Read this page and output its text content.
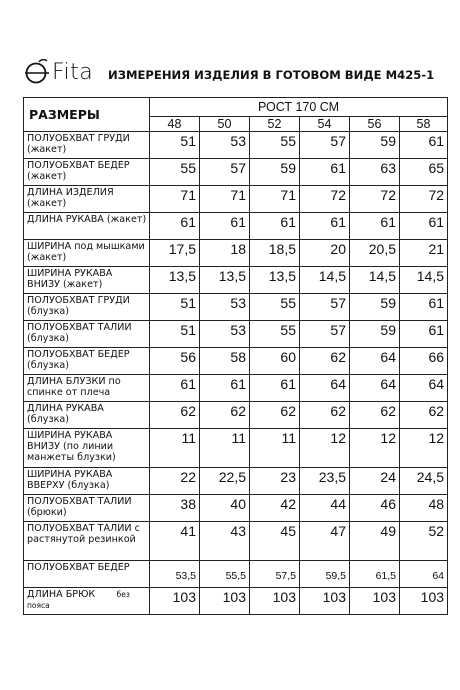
Fita ИЗМЕРЕНИЯ ИЗДЕЛИЯ В ГОТОВОМ ВИДЕ М425-1
РАЗМЕРЫ	РОСТ 170 СМ					
	48	50	52	54	56	58
ПОЛУОБХВАТ ГРУДИ (жакет)	51	53	55	57	59	61
ПОЛУОБХВАТ БЕДЕР (жакет)	55	57	59	61	63	65
ДЛИНА ИЗДЕЛИЯ (жакет)	71	71	71	72	72	72
ДЛИНА РУКАВА (жакет)	61	61	61	61	61	61
ШИРИНА под мышками (жакет)	17,5	18	18,5	20	20,5	21
ШИРИНА РУКАВА ВНИЗУ (жакет)	13,5	13,5	13,5	14,5	14,5	14,5
ПОЛУОБХВАТ ГРУДИ (блузка)	51	53	55	57	59	61
ПОЛУОБХВАТ ТАЛИИ (блузка)	51	53	55	57	59	61
ПОЛУОБХВАТ БЕДЕР (блузка)	56	58	60	62	64	66
ДЛИНА БЛУЗКИ по спинке от плеча	61	61	61	64	64	64
ДЛИНА РУКАВА (блузка)	62	62	62	62	62	62
ШИРИНА РУКАВА ВНИЗУ (по линии манжеты блузки)	11	11	11	12	12	12
ШИРИНА РУКАВА ВВЕРХУ (блузка)	22	22,5	23	23,5	24	24,5
ПОЛУОБХВАТ ТАЛИИ (брюки)	38	40	42	44	46	48
ПОЛУОБХВАТ ТАЛИИ с растянутой резинкой	41	43	45	47	49	52
ПОЛУОБХВАТ БЕДЕР	53,5	55,5	57,5	59,5	61,5	64
ДЛИНА БРЮК без пояса	103	103	103	103	103	103
